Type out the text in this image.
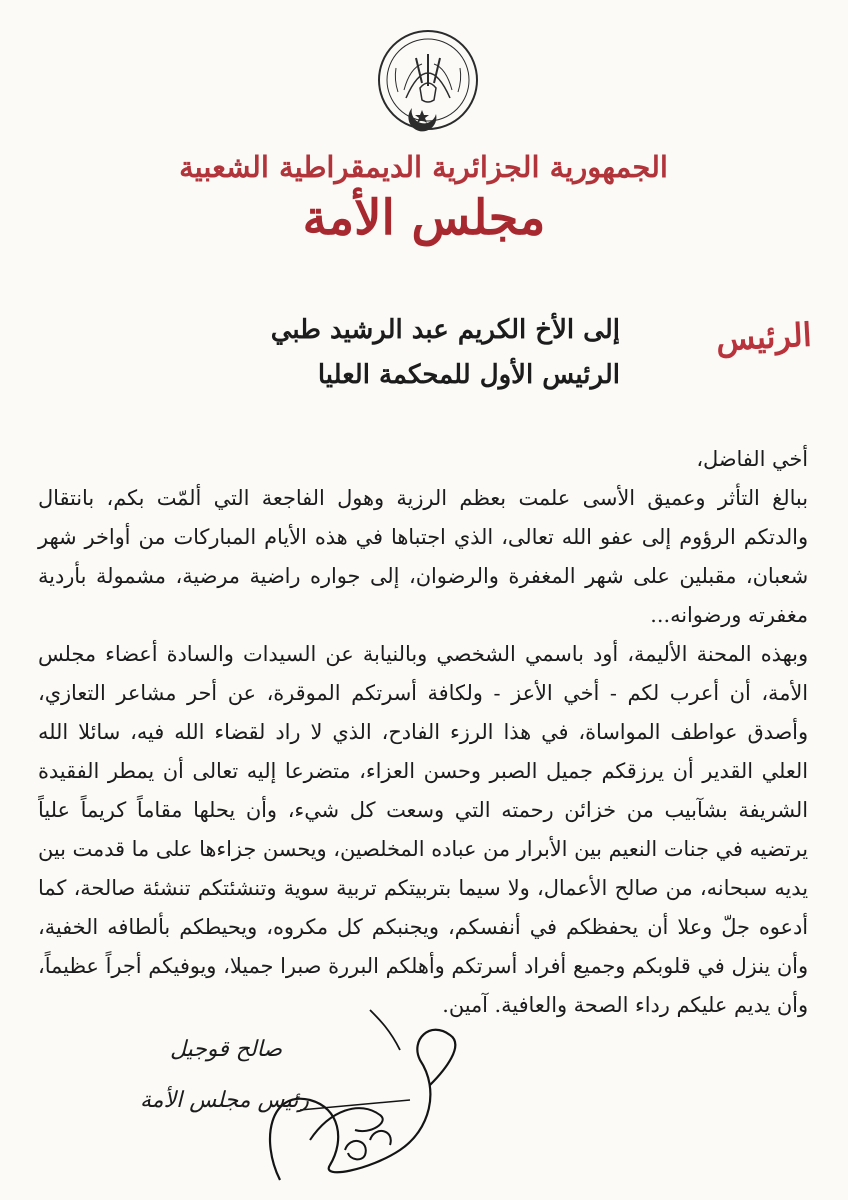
الجمهورية الجزائرية الديمقراطية الشعبية
مجلس الأمة
الرئيس
إلى الأخ الكريم عبد الرشيد طبي
الرئيس الأول للمحكمة العليا

أخي الفاضل،

ببالغ التأثر وعميق الأسى علمت بعظم الرزية وهول الفاجعة التي ألمّت بكم، بانتقال والدتكم الرؤوم إلى عفو الله تعالى، الذي اجتباها في هذه الأيام المباركات من أواخر شهر شعبان، مقبلين على شهر المغفرة والرضوان، إلى جواره راضية مرضية، مشمولة بأردية مغفرته ورضوانه...

وبهذه المحنة الأليمة، أود باسمي الشخصي وبالنيابة عن السيدات والسادة أعضاء مجلس الأمة، أن أعرب لكم - أخي الأعز - ولكافة أسرتكم الموقرة، عن أحر مشاعر التعازي، وأصدق عواطف المواساة، في هذا الرزء الفادح، الذي لا راد لقضاء الله فيه، سائلا الله العلي القدير أن يرزقكم جميل الصبر وحسن العزاء، متضرعا إليه تعالى أن يمطر الفقيدة الشريفة بشآبيب من خزائن رحمته التي وسعت كل شيء، وأن يحلها مقاماً كريماً علياً يرتضيه في جنات النعيم بين الأبرار من عباده المخلصين، ويحسن جزاءها على ما قدمت بين يديه سبحانه، من صالح الأعمال، ولا سيما بتربيتكم تربية سوية وتنشئتكم تنشئة صالحة، كما أدعوه جلّ وعلا أن يحفظكم في أنفسكم، ويجنبكم كل مكروه، ويحيطكم بألطافه الخفية، وأن ينزل في قلوبكم وجميع أفراد أسرتكم وأهلكم البررة صبرا جميلا، ويوفيكم أجراً عظيماً، وأن يديم عليكم رداء الصحة والعافية. آمين.

صالح قوجيل
رئيس مجلس الأمة
